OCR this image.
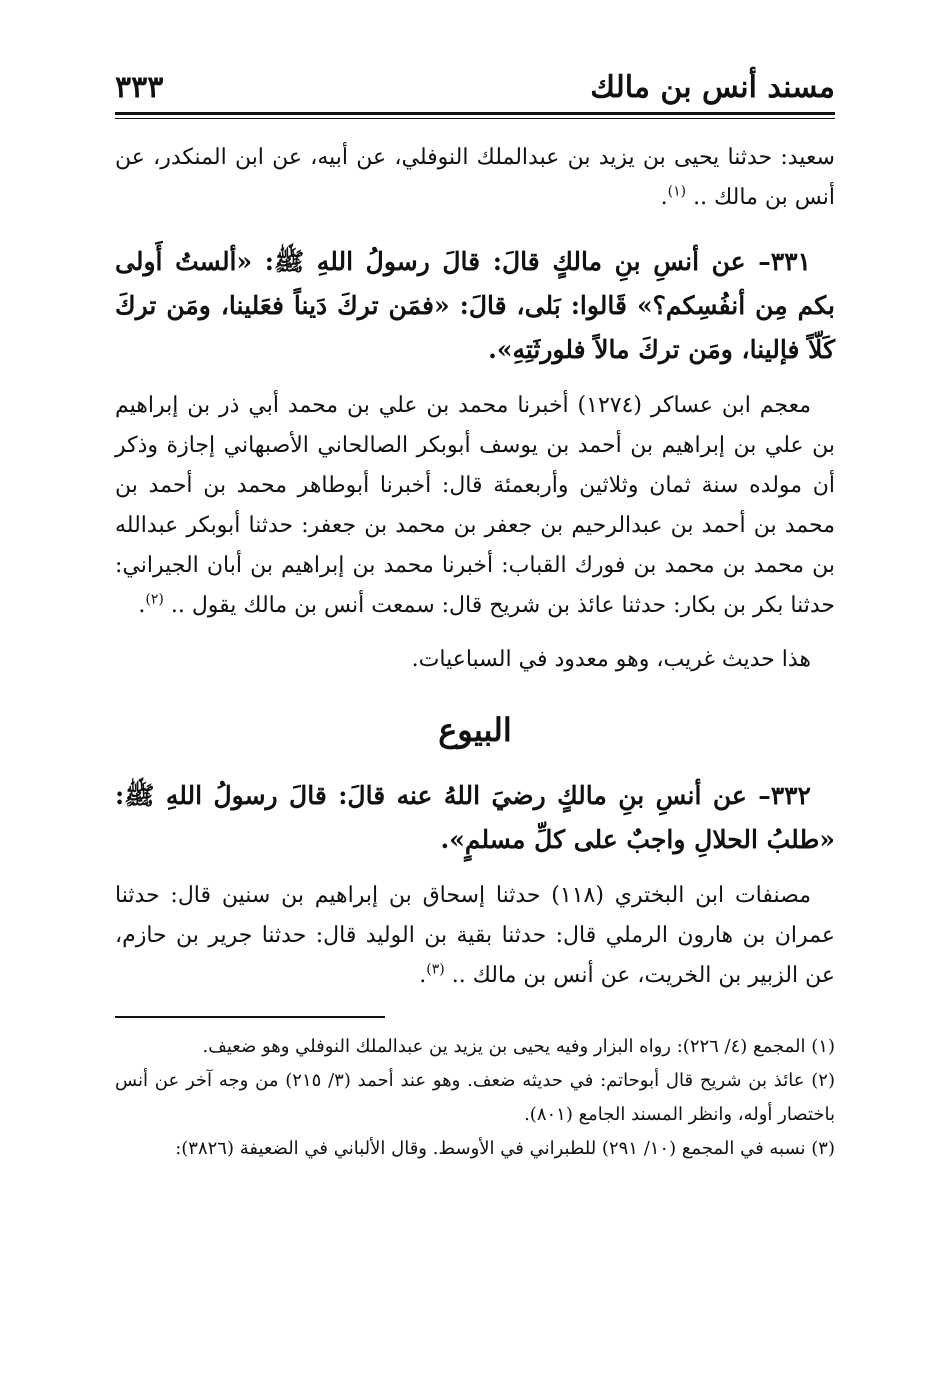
مسند أنس بن مالك
٣٣٣

سعيد: حدثنا يحيى بن يزيد بن عبدالملك النوفلي، عن أبيه، عن ابن المنكدر، عن أنس بن مالك .. $^{(١)}$.

٣٣١– عن أنسِ بنِ مالكٍ قالَ: قالَ رسولُ اللهِ ﷺ: «ألستُ أَولى بكم مِن أنفُسِكم؟» قَالوا: بَلى، قالَ: «فمَن تركَ دَيناً فعَلينا، ومَن تركَ كَلّاً فإلينا، ومَن تركَ مالاً فلورثَتِهِ».

معجم ابن عساكر (١٢٧٤) أخبرنا محمد بن علي بن محمد أبي ذر بن إبراهيم بن علي بن إبراهيم بن أحمد بن يوسف أبوبكر الصالحاني الأصبهاني إجازة وذكر أن مولده سنة ثمان وثلاثين وأربعمئة قال: أخبرنا أبوطاهر محمد بن أحمد بن محمد بن أحمد بن عبدالرحيم بن جعفر بن محمد بن جعفر: حدثنا أبوبكر عبدالله بن محمد بن محمد بن فورك القباب: أخبرنا محمد بن إبراهيم بن أبان الجيراني: حدثنا بكر بن بكار: حدثنا عائذ بن شريح قال: سمعت أنس بن مالك يقول .. $^{(٢)}$.

هذا حديث غريب، وهو معدود في السباعيات.

البيوع

٣٣٢– عن أنسِ بنِ مالكٍ رضيَ اللهُ عنه قالَ: قالَ رسولُ اللهِ ﷺ: «طلبُ الحلالِ واجبٌ على كلِّ مسلمٍ».

مصنفات ابن البختري (١١٨) حدثنا إسحاق بن إبراهيم بن سنين قال: حدثنا عمران بن هارون الرملي قال: حدثنا بقية بن الوليد قال: حدثنا جرير بن حازم، عن الزبير بن الخريت، عن أنس بن مالك .. $^{(٣)}$.

(١) المجمع (٤/ ٢٢٦): رواه البزار وفيه يحيى بن يزيد ين عبدالملك النوفلي وهو ضعيف.

(٢) عائذ بن شريح قال أبوحاتم: في حديثه ضعف. وهو عند أحمد (٣/ ٢١٥) من وجه آخر عن أنس باختصار أوله، وانظر المسند الجامع (٨٠١).

(٣) نسبه في المجمع (١٠/ ٢٩١) للطبراني في الأوسط. وقال الألباني في الضعيفة (٣٨٢٦):
